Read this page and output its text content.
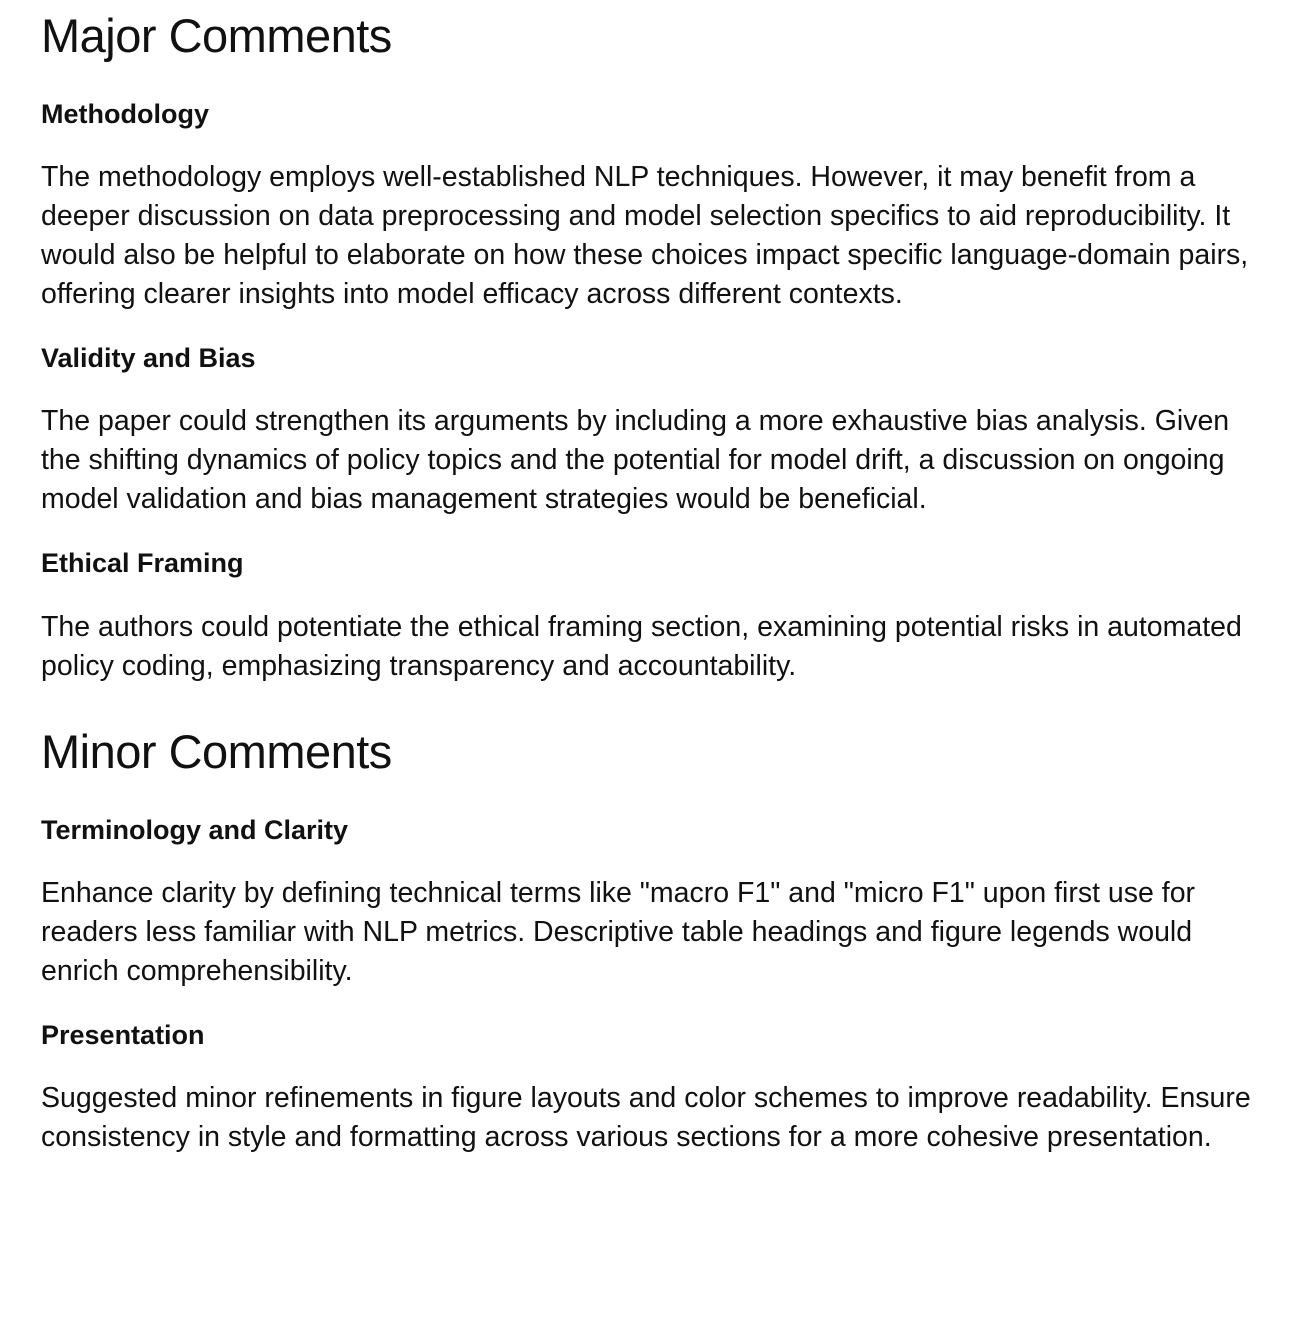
Major Comments
Methodology

The methodology employs well-established NLP techniques. However, it may benefit from a deeper discussion on data preprocessing and model selection specifics to aid reproducibility. It would also be helpful to elaborate on how these choices impact specific language-domain pairs, offering clearer insights into model efficacy across different contexts.

Validity and Bias

The paper could strengthen its arguments by including a more exhaustive bias analysis. Given the shifting dynamics of policy topics and the potential for model drift, a discussion on ongoing model validation and bias management strategies would be beneficial.

Ethical Framing

The authors could potentiate the ethical framing section, examining potential risks in automated policy coding, emphasizing transparency and accountability.

Minor Comments
Terminology and Clarity

Enhance clarity by defining technical terms like "macro F1" and "micro F1" upon first use for readers less familiar with NLP metrics. Descriptive table headings and figure legends would enrich comprehensibility.

Presentation

Suggested minor refinements in figure layouts and color schemes to improve readability. Ensure consistency in style and formatting across various sections for a more cohesive presentation.
